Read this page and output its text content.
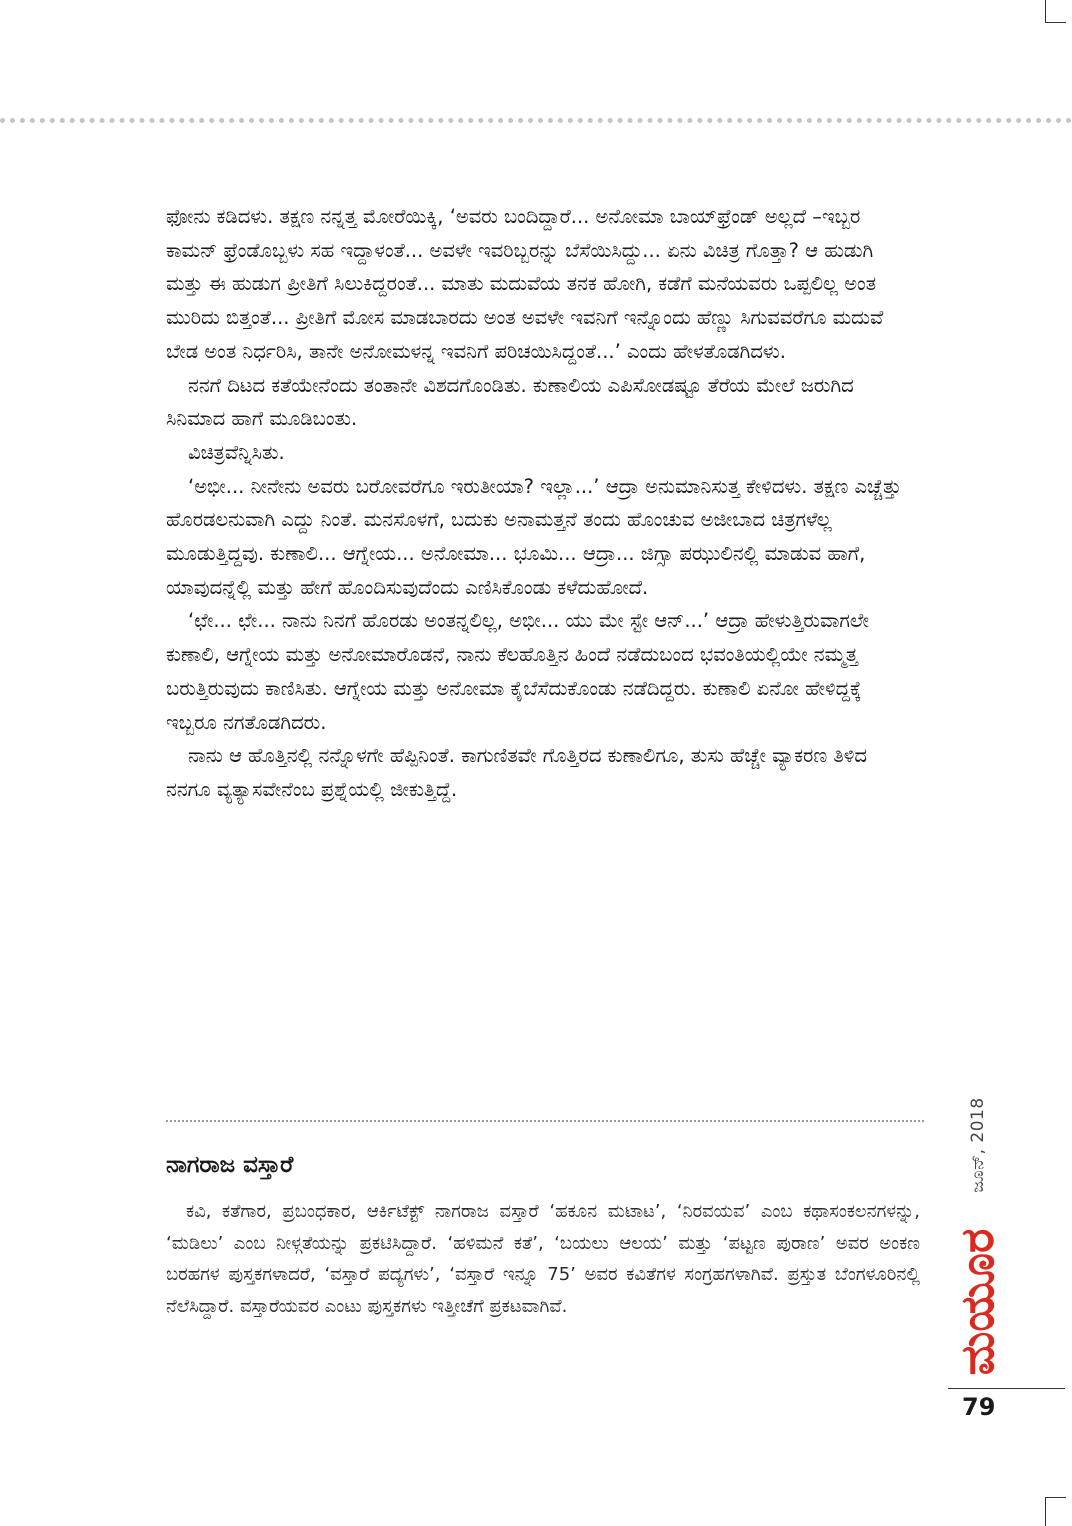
ಫೋನು ಕಡಿದಳು. ತಕ್ಷಣ ನನ್ನತ್ತ ಮೋರೆಯಿಕ್ಕಿ, ‘ಅವರು ಬಂದಿದ್ದಾರೆ... ಅನೋಮಾ ಬಾಯ್‌ಫ್ರೆಂಡ್ ಅಲ್ಲದೆ –ಇಬ್ಬರ ಕಾಮನ್ ಫ್ರೆಂಡೊಬ್ಬಳು ಸಹ ಇದ್ದಾಳಂತೆ... ಅವಳೇ ಇವರಿಬ್ಬರನ್ನು ಬೆಸೆಯಿಸಿದ್ದು... ಏನು ವಿಚಿತ್ರ ಗೊತ್ತಾ? ಆ ಹುಡುಗಿ ಮತ್ತು ಈ ಹುಡುಗ ಪ್ರೀತಿಗೆ ಸಿಲುಕಿದ್ದರಂತೆ... ಮಾತು ಮದುವೆಯ ತನಕ ಹೋಗಿ, ಕಡೆಗೆ ಮನೆಯವರು ಒಪ್ಪಲಿಲ್ಲ ಅಂತ ಮುರಿದು ಬಿತ್ತಂತೆ... ಪ್ರೀತಿಗೆ ಮೋಸ ಮಾಡಬಾರದು ಅಂತ ಅವಳೇ ಇವನಿಗೆ ಇನ್ನೊಂದು ಹೆಣ್ಣು ಸಿಗುವವರೆಗೂ ಮದುವೆ ಬೇಡ ಅಂತ ನಿರ್ಧರಿಸಿ, ತಾನೇ ಅನೋಮಳನ್ನ ಇವನಿಗೆ ಪರಿಚಯಿಸಿದ್ದಂತೆ...’ ಎಂದು ಹೇಳತೊಡಗಿದಳು.

ನನಗೆ ದಿಟದ ಕತೆಯೇನೆಂದು ತಂತಾನೇ ವಿಶದಗೊಂಡಿತು. ಕುಣಾಲಿಯ ಎಪಿಸೋಡಷ್ಟೂ ತೆರೆಯ ಮೇಲೆ ಜರುಗಿದ ಸಿನಿಮಾದ ಹಾಗೆ ಮೂಡಿಬಂತು.

ವಿಚಿತ್ರವೆನ್ನಿಸಿತು.

‘ಅಭೀ... ನೀನೇನು ಅವರು ಬರೋವರೆಗೂ ಇರುತೀಯಾ? ಇಲ್ಲಾ...’ ಆದ್ರಾ ಅನುಮಾನಿಸುತ್ತ ಕೇಳಿದಳು. ತಕ್ಷಣ ಎಚ್ಚೆತ್ತು ಹೊರಡಲನುವಾಗಿ ಎದ್ದು ನಿಂತೆ. ಮನಸೊಳಗೆ, ಬದುಕು ಅನಾಮತ್ತನೆ ತಂದು ಹೊಂಚುವ ಅಜೀಬಾದ ಚಿತ್ರಗಳೆಲ್ಲ ಮೂಡುತ್ತಿದ್ದವು. ಕುಣಾಲಿ... ಆಗ್ನೇಯ... ಅನೋಮಾ... ಭೂಮಿ... ಆದ್ರಾ... ಜಿಗ್ಸಾ ಪಝುಲಿನಲ್ಲಿ ಮಾಡುವ ಹಾಗೆ, ಯಾವುದನ್ನೆಲ್ಲಿ ಮತ್ತು ಹೇಗೆ ಹೊಂದಿಸುವುದೆಂದು ಎಣಿಸಿಕೊಂಡು ಕಳೆದುಹೋದೆ.

‘ಛೇ... ಛೇ... ನಾನು ನಿನಗೆ ಹೊರಡು ಅಂತನ್ನಲಿಲ್ಲ, ಅಭೀ... ಯು ಮೇ ಸ್ಟೇ ಆನ್...’ ಆದ್ರಾ ಹೇಳುತ್ತಿರುವಾಗಲೇ ಕುಣಾಲಿ, ಆಗ್ನೇಯ ಮತ್ತು ಅನೋಮಾರೊಡನೆ, ನಾನು ಕೆಲಹೊತ್ತಿನ ಹಿಂದೆ ನಡೆದುಬಂದ ಭವಂತಿಯಲ್ಲಿಯೇ ನಮ್ಮತ್ತ ಬರುತ್ತಿರುವುದು ಕಾಣಿಸಿತು. ಆಗ್ನೇಯ ಮತ್ತು ಅನೋಮಾ ಕೈಬೆಸೆದುಕೊಂಡು ನಡೆದಿದ್ದರು. ಕುಣಾಲಿ ಏನೋ ಹೇಳಿದ್ದಕ್ಕೆ ಇಬ್ಬರೂ ನಗತೊಡಗಿದರು.

ನಾನು ಆ ಹೊತ್ತಿನಲ್ಲಿ ನನ್ನೊಳಗೇ ಹೆಪ್ಪಿನಿಂತೆ. ಕಾಗುಣಿತವೇ ಗೊತ್ತಿರದ ಕುಣಾಲಿಗೂ, ತುಸು ಹೆಚ್ಚೇ ವ್ಯಾಕರಣ ತಿಳಿದ ನನಗೂ ವ್ಯತ್ಯಾಸವೇನೆಂಬ ಪ್ರಶ್ನೆಯಲ್ಲಿ ಜೀಕುತ್ತಿದ್ದೆ.

ನಾಗರಾಜ ವಸ್ತಾರೆ
ಕವಿ, ಕತೆಗಾರ, ಪ್ರಬಂಧಕಾರ, ಆರ್ಕಿಟೆಕ್ಟ್ ನಾಗರಾಜ ವಸ್ತಾರೆ ‘ಹಕೂನ ಮಟಾಟ’, ‘ನಿರವಯವ’ ಎಂಬ ಕಥಾಸಂಕಲನಗಳನ್ನು, ‘ಮಡಿಲು’ ಎಂಬ ನೀಳ್ಗತೆಯನ್ನು ಪ್ರಕಟಿಸಿದ್ದಾರೆ. ‘ಹಳಿಮನೆ ಕತೆ’, ‘ಬಯಲು ಆಲಯ’ ಮತ್ತು ‘ಪಟ್ಟಣ ಪುರಾಣ’ ಅವರ ಅಂಕಣ ಬರಹಗಳ ಪುಸ್ತಕಗಳಾದರೆ, ‘ವಸ್ತಾರೆ ಪದ್ಯಗಳು’, ‘ವಸ್ತಾರೆ ಇನ್ನೂ 75’ ಅವರ ಕವಿತೆಗಳ ಸಂಗ್ರಹಗಳಾಗಿವೆ. ಪ್ರಸ್ತುತ ಬೆಂಗಳೂರಿನಲ್ಲಿ ನೆಲೆಸಿದ್ದಾರೆ. ವಸ್ತಾರೆಯವರ ಎಂಟು ಪುಸ್ತಕಗಳು ಇತ್ತೀಚೆಗೆ ಪ್ರಕಟವಾಗಿವೆ.
ಜೂನ್, 2018
ಮಯೂರ
79
